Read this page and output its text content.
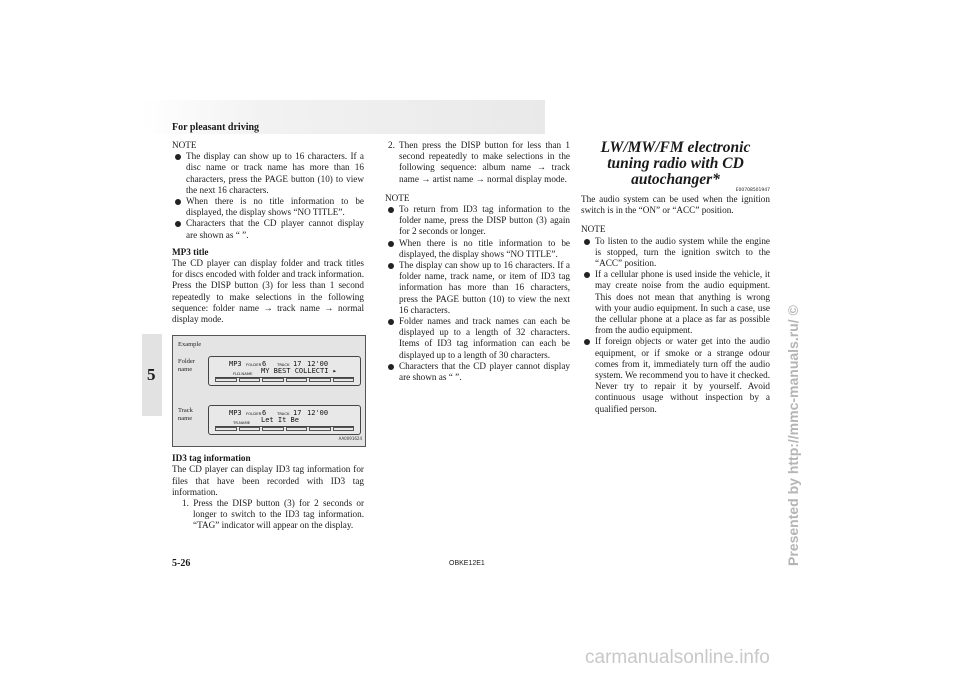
For pleasant driving
5

NOTE

The display can show up to 16 characters. If a disc name or track name has more than 16 characters, press the PAGE button (10) to view the next 16 characters.
When there is no title information to be displayed, the display shows “NO TITLE”.
Characters that the CD player cannot display are shown as “ ”.
MP3 title

The CD player can display folder and track titles for discs encoded with folder and track information. Press the DISP button (3) for less than 1 second repeatedly to make selections in the following sequence: folder name → track name → normal display mode.

Example
Folder name
Track name
MP3 FOLDER 6	TRACK 17 12'00
FLD.NAME MY BEST COLLECTI ▸
MP3 FOLDER 6	TRACK 17 12'00
TR.NAME Let It Be
AA0091624
ID3 tag information

The CD player can display ID3 tag information for files that have been recorded with ID3 tag information.

1. Press the DISP button (3) for 2 seconds or longer to switch to the ID3 tag information. “TAG” indicator will appear on the display.

2. Then press the DISP button for less than 1 second repeatedly to make selections in the following sequence: album name → track name → artist name → normal display mode.

NOTE

To return from ID3 tag information to the folder name, press the DISP button (3) again for 2 seconds or longer.
When there is no title information to be displayed, the display shows “NO TITLE”.
The display can show up to 16 characters. If a folder name, track name, or item of ID3 tag information has more than 16 characters, press the PAGE button (10) to view the next 16 characters.
Folder names and track names can each be displayed up to a length of 32 characters. Items of ID3 tag information can each be displayed up to a length of 30 characters.
Characters that the CD player cannot display are shown as “ ”.

LW/MW/FM electronic tuning radio with CD autochanger*

E00708501947

The audio system can be used when the ignition switch is in the “ON” or “ACC” position.

NOTE

To listen to the audio system while the engine is stopped, turn the ignition switch to the “ACC” position.
If a cellular phone is used inside the vehicle, it may create noise from the audio equipment. This does not mean that anything is wrong with your audio equipment. In such a case, use the cellular phone at a place as far as possible from the audio equipment.
If foreign objects or water get into the audio equipment, or if smoke or a strange odour comes from it, immediately turn off the audio system. We recommend you to have it checked. Never try to repair it by yourself. Avoid continuous usage without inspection by a qualified person.
5-26	OBKE12E1	Presented by http://mmc-manuals.ru/ ©
carmanualsonline.info
